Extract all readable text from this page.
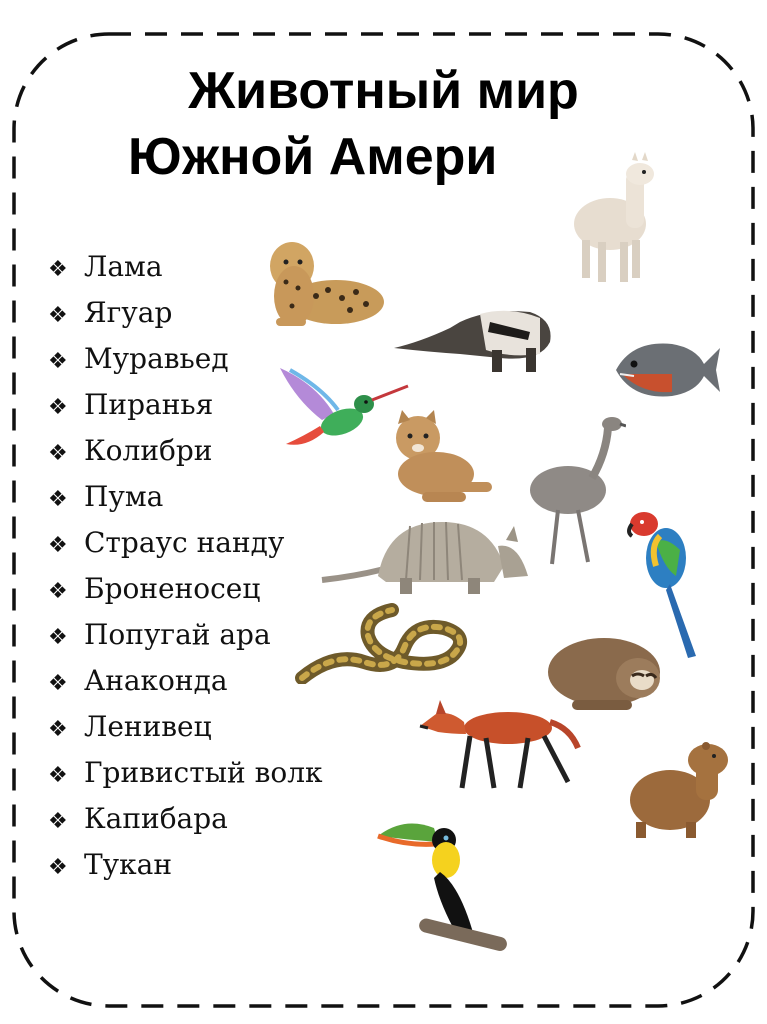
Животный мир
Южной Амери
❖ Лама
❖ Ягуар
❖ Муравьед
❖ Пиранья
❖ Колибри
❖ Пума
❖ Страус нанду
❖ Броненосец
❖ Попугай ара
❖ Анаконда
❖ Ленивец
❖ Гривистый волк
❖ Капибара
❖ Тукан
